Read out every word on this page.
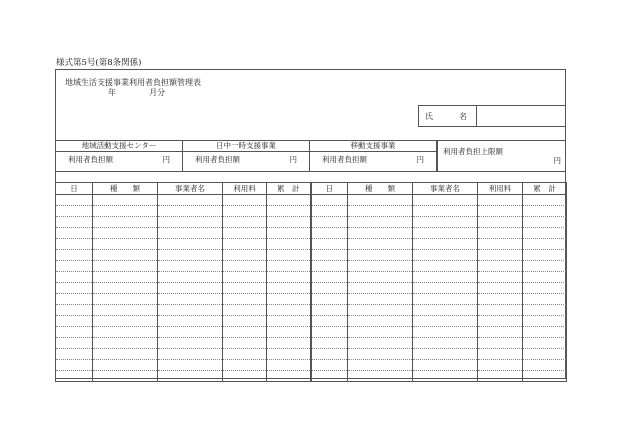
様式第5号(第8条関係)
地域生活支援事業利用者負担額管理表
年	月分
氏　名
地域活動支援センター
利用者負担額	円
日中一時支援事業
利用者負担額	円
移動支援事業
利用者負担額	円
利用者負担上限額
円
日	種　　類	事業者名	利用料	累　計	日	種　　類	事業者名	利用料	累　計
